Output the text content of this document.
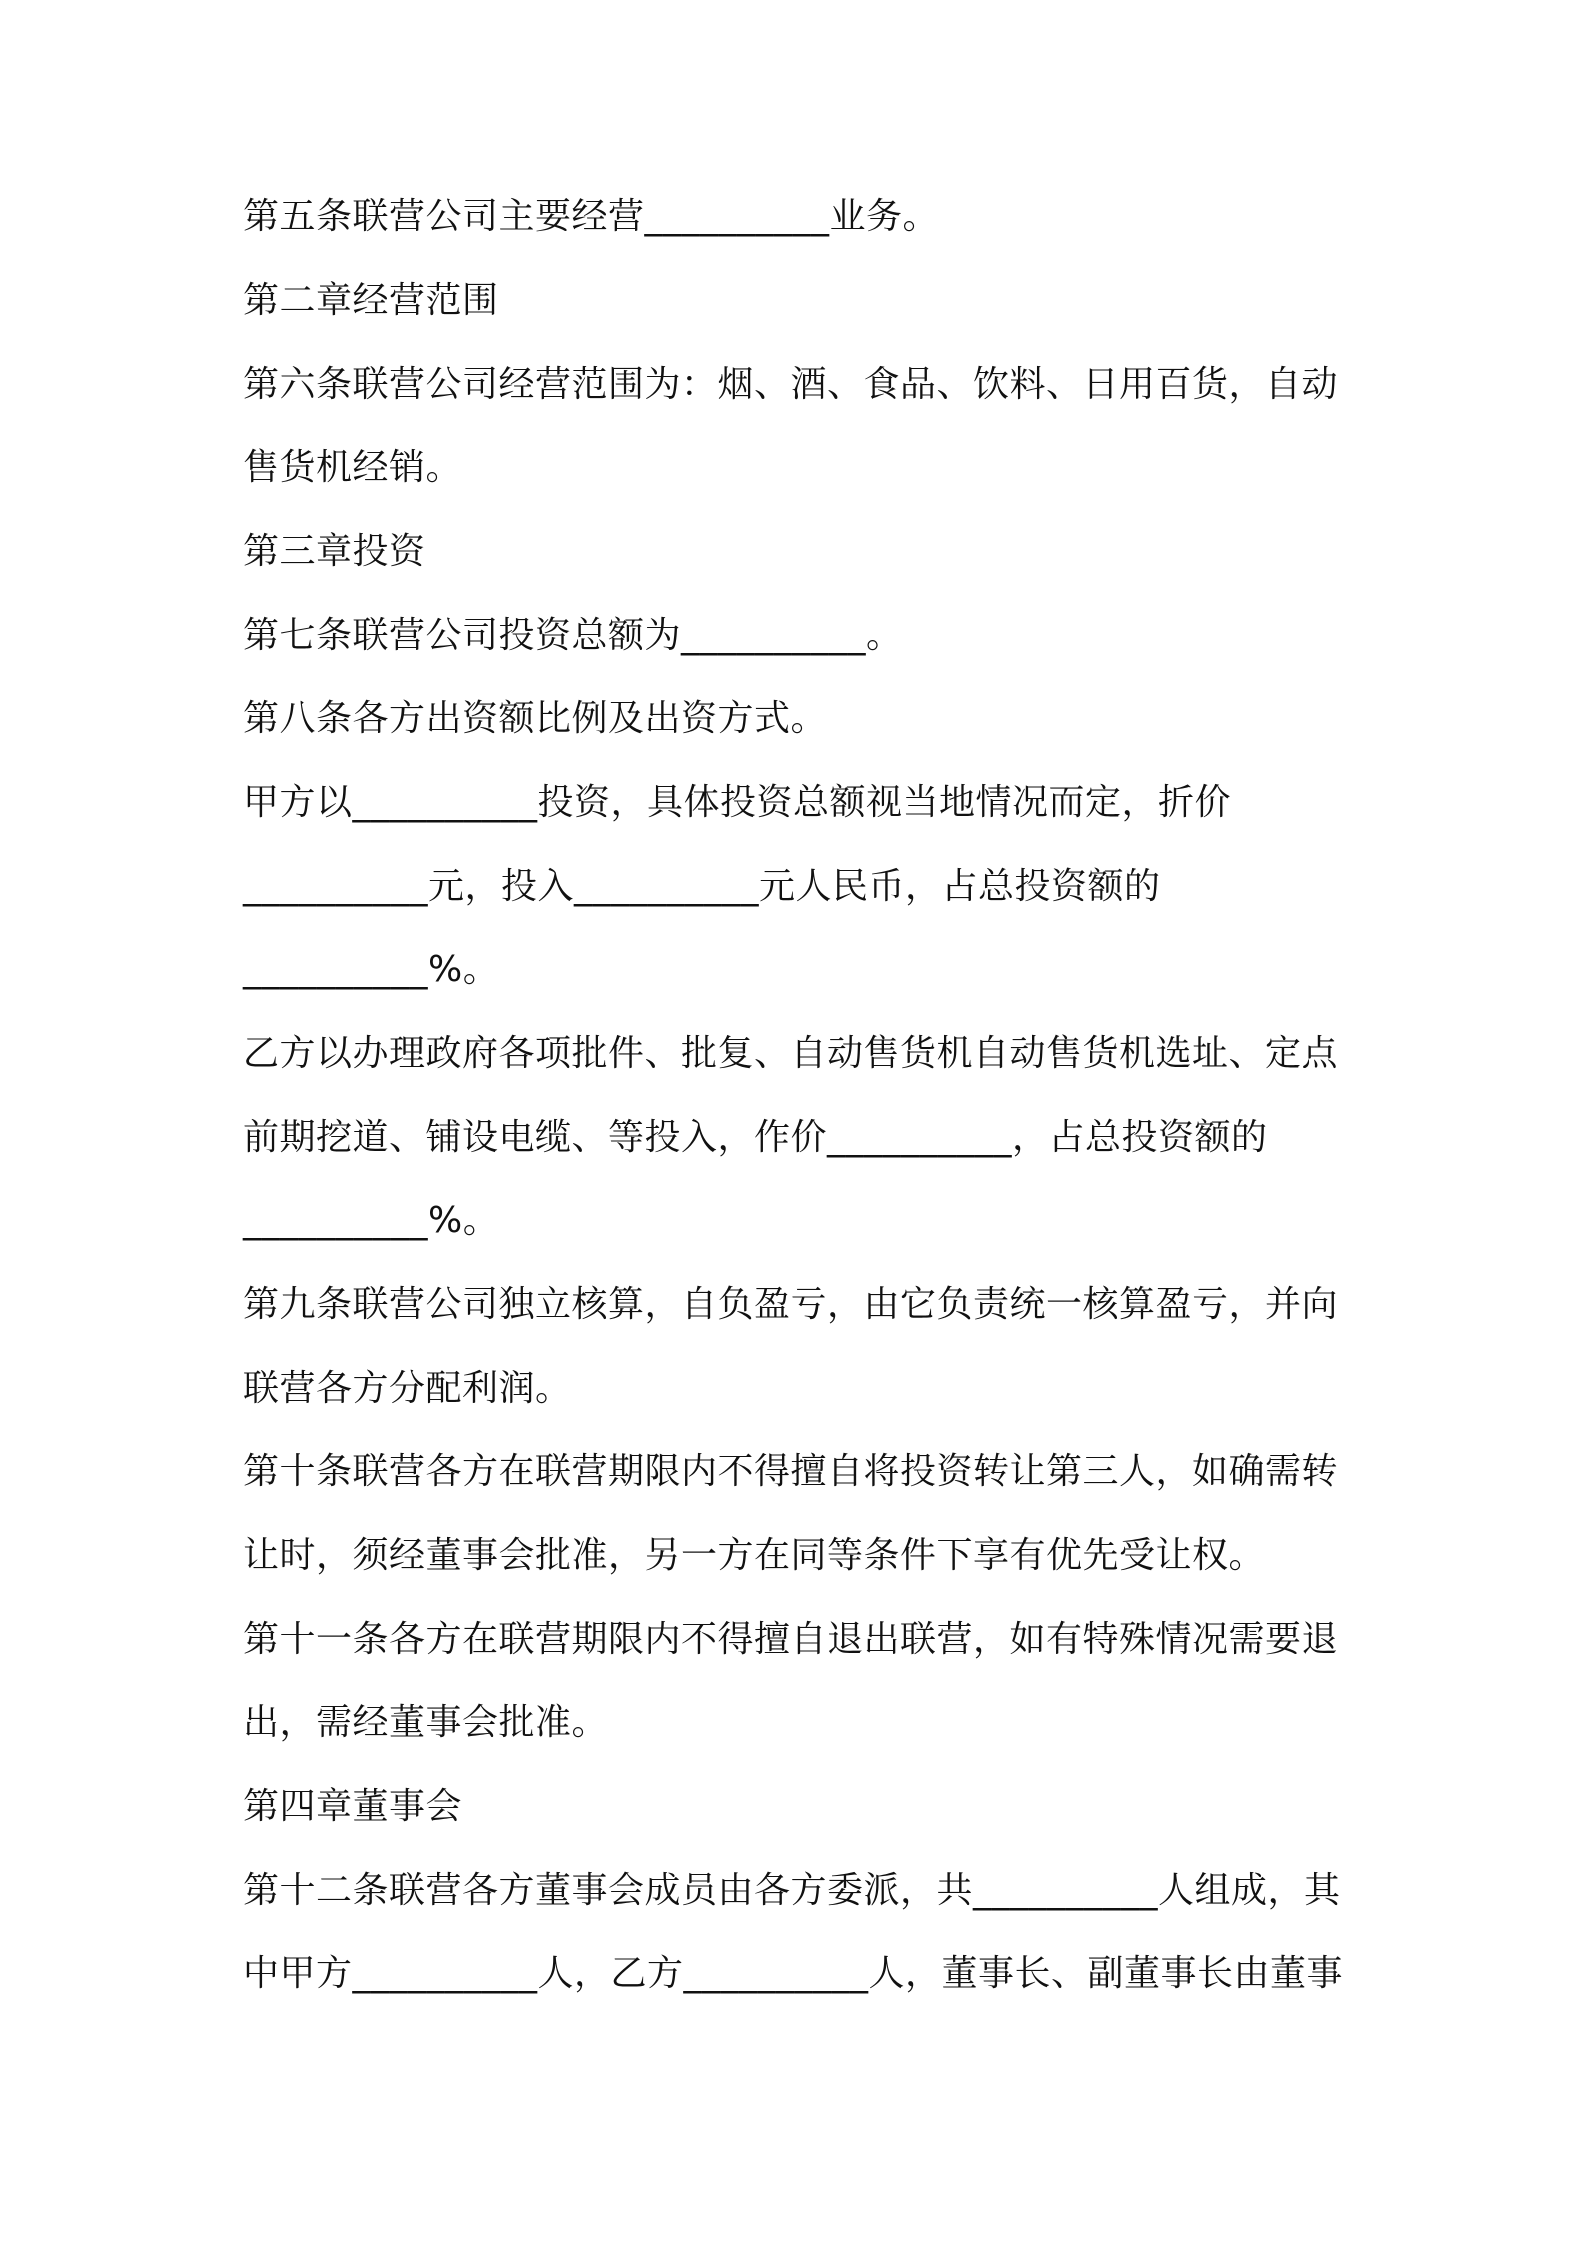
第五条联营公司主要经营__________业务。

第二章经营范围

第六条联营公司经营范围为：烟、酒、食品、饮料、日用百货，自动

售货机经销。

第三章投资

第七条联营公司投资总额为__________。

第八条各方出资额比例及出资方式。

甲方以__________投资，具体投资总额视当地情况而定，折价

__________元，投入__________元人民币，占总投资额的

__________%。

乙方以办理政府各项批件、批复、自动售货机自动售货机选址、定点

前期挖道、铺设电缆、等投入，作价__________，占总投资额的

__________%。

第九条联营公司独立核算，自负盈亏，由它负责统一核算盈亏，并向

联营各方分配利润。

第十条联营各方在联营期限内不得擅自将投资转让第三人，如确需转

让时，须经董事会批准，另一方在同等条件下享有优先受让权。

第十一条各方在联营期限内不得擅自退出联营，如有特殊情况需要退

出，需经董事会批准。

第四章董事会

第十二条联营各方董事会成员由各方委派，共__________人组成，其

中甲方__________人，乙方__________人，董事长、副董事长由董事
